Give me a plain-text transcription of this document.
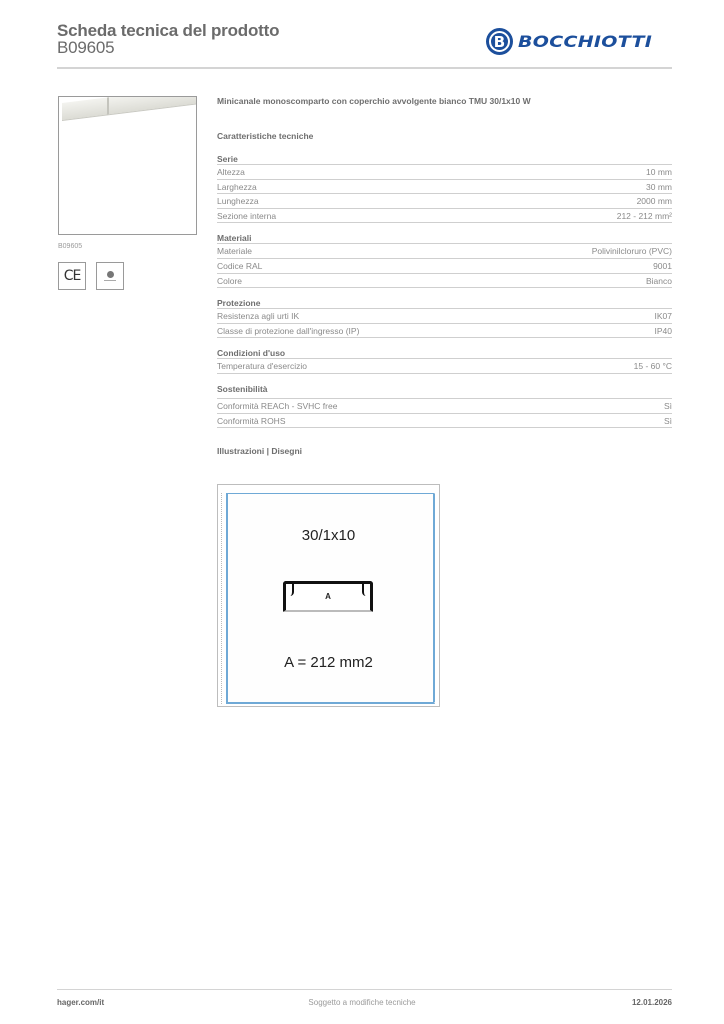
Scheda tecnica del prodotto
B09605	B BOCCHIOTTI
B09605
CE
Minicanale monoscomparto con coperchio avvolgente bianco TMU 30/1x10 W
Caratteristiche tecniche
Serie
Altezza	10 mm
Larghezza	30 mm
Lunghezza	2000 mm
Sezione interna	212 - 212 mm²
Materiali
Materiale	Polivinilcloruro (PVC)
Codice RAL	9001
Colore	Bianco
Protezione
Resistenza agli urti IK	IK07
Classe di protezione dall'ingresso (IP)	IP40
Condizioni d'uso
Temperatura d'esercizio	15 - 60 °C
Sostenibilità
Conformità REACh - SVHC free	Sì
Conformità ROHS	Sì
Illustrazioni | Disegni
30/1x10
A
A = 212 mm2
hager.com/it	Soggetto a modifiche tecniche	12.01.2026
